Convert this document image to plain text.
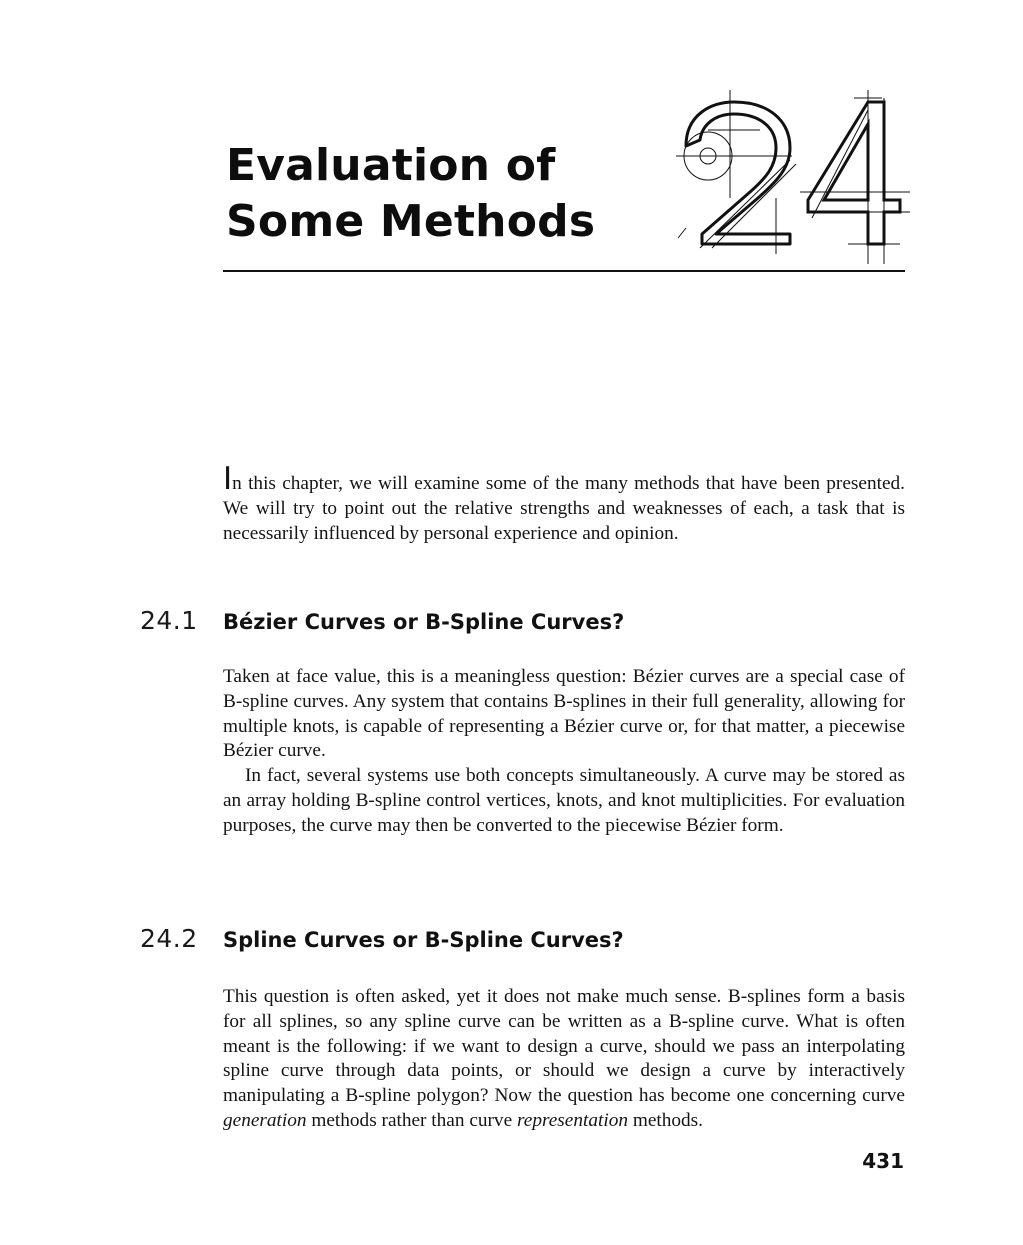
Evaluation of
Some Methods

In this chapter, we will examine some of the many methods that have been presented. We will try to point out the relative strengths and weaknesses of each, a task that is necessarily influenced by personal experience and opinion.

24.1	Bézier Curves or B-Spline Curves?

Taken at face value, this is a meaningless question: Bézier curves are a special case of B-spline curves. Any system that contains B-splines in their full generality, allowing for multiple knots, is capable of representing a Bézier curve or, for that matter, a piecewise Bézier curve.

In fact, several systems use both concepts simultaneously. A curve may be stored as an array holding B-spline control vertices, knots, and knot multiplicities. For evaluation purposes, the curve may then be converted to the piecewise Bézier form.

24.2	Spline Curves or B-Spline Curves?

This question is often asked, yet it does not make much sense. B-splines form a basis for all splines, so any spline curve can be written as a B-spline curve. What is often meant is the following: if we want to design a curve, should we pass an interpolating spline curve through data points, or should we design a curve by interactively manipulating a B-spline polygon? Now the question has become one concerning curve generation methods rather than curve representation methods.

431
